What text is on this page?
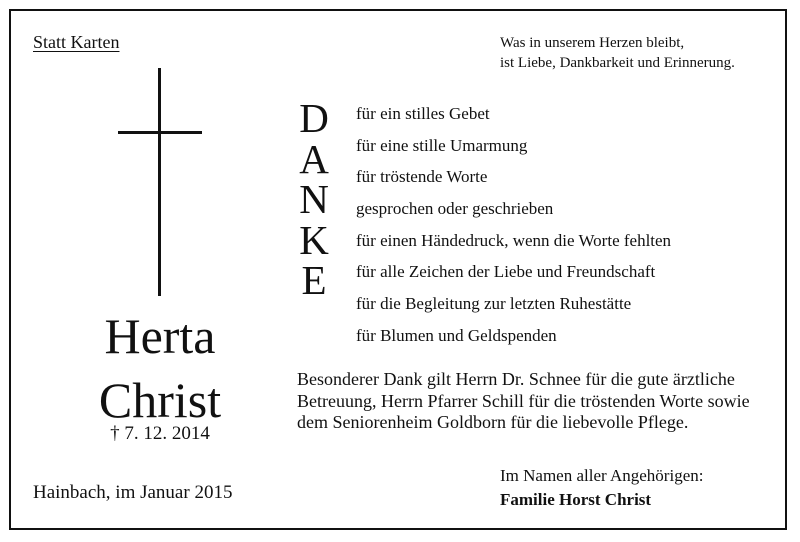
Statt Karten	Was in unserem Herzen bleibt,
ist Liebe, Dankbarkeit und Erinnerung.
Herta
Christ
† 7. 12. 2014
Hainbach, im Januar 2015
D
A
N
K
E
für ein stilles Gebet
für eine stille Umarmung
für tröstende Worte
gesprochen oder geschrieben
für einen Händedruck, wenn die Worte fehlten
für alle Zeichen der Liebe und Freundschaft
für die Begleitung zur letzten Ruhestätte
für Blumen und Geldspenden
Besonderer Dank gilt Herrn Dr. Schnee für die gute ärztliche
Betreuung, Herrn Pfarrer Schill für die tröstenden Worte sowie
dem Seniorenheim Goldborn für die liebevolle Pflege.
Im Namen aller Angehörigen:
Familie Horst Christ
